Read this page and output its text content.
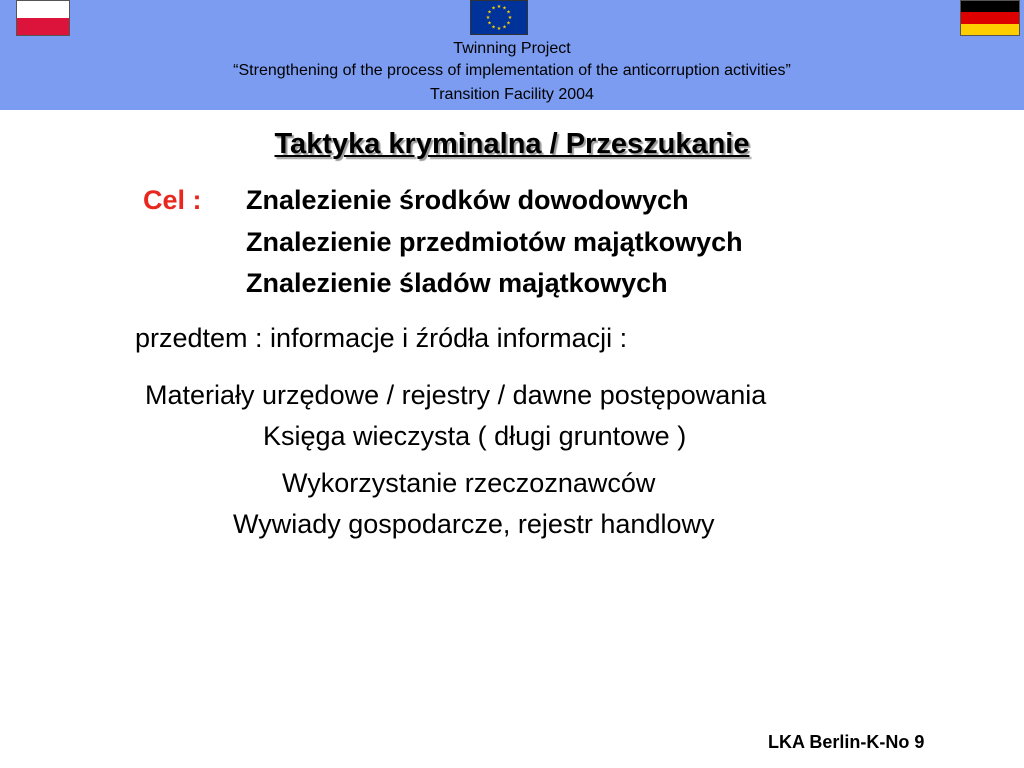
★ ★
★
★
★
★
★
★
★
★
★
★
Twinning Project
“Strengthening of the process of implementation of the anticorruption activities”
Transition Facility 2004
Taktyka kryminalna / Przeszukanie
Cel : Znalezienie środków dowodowych
Znalezienie przedmiotów majątkowych
Znalezienie śladów majątkowych
przedtem : informacje i źródła informacji :
Materiały urzędowe / rejestry / dawne postępowania
Księga wieczysta ( długi gruntowe )
Wykorzystanie rzeczoznawców
Wywiady gospodarcze, rejestr handlowy
LKA Berlin-K-No 9
